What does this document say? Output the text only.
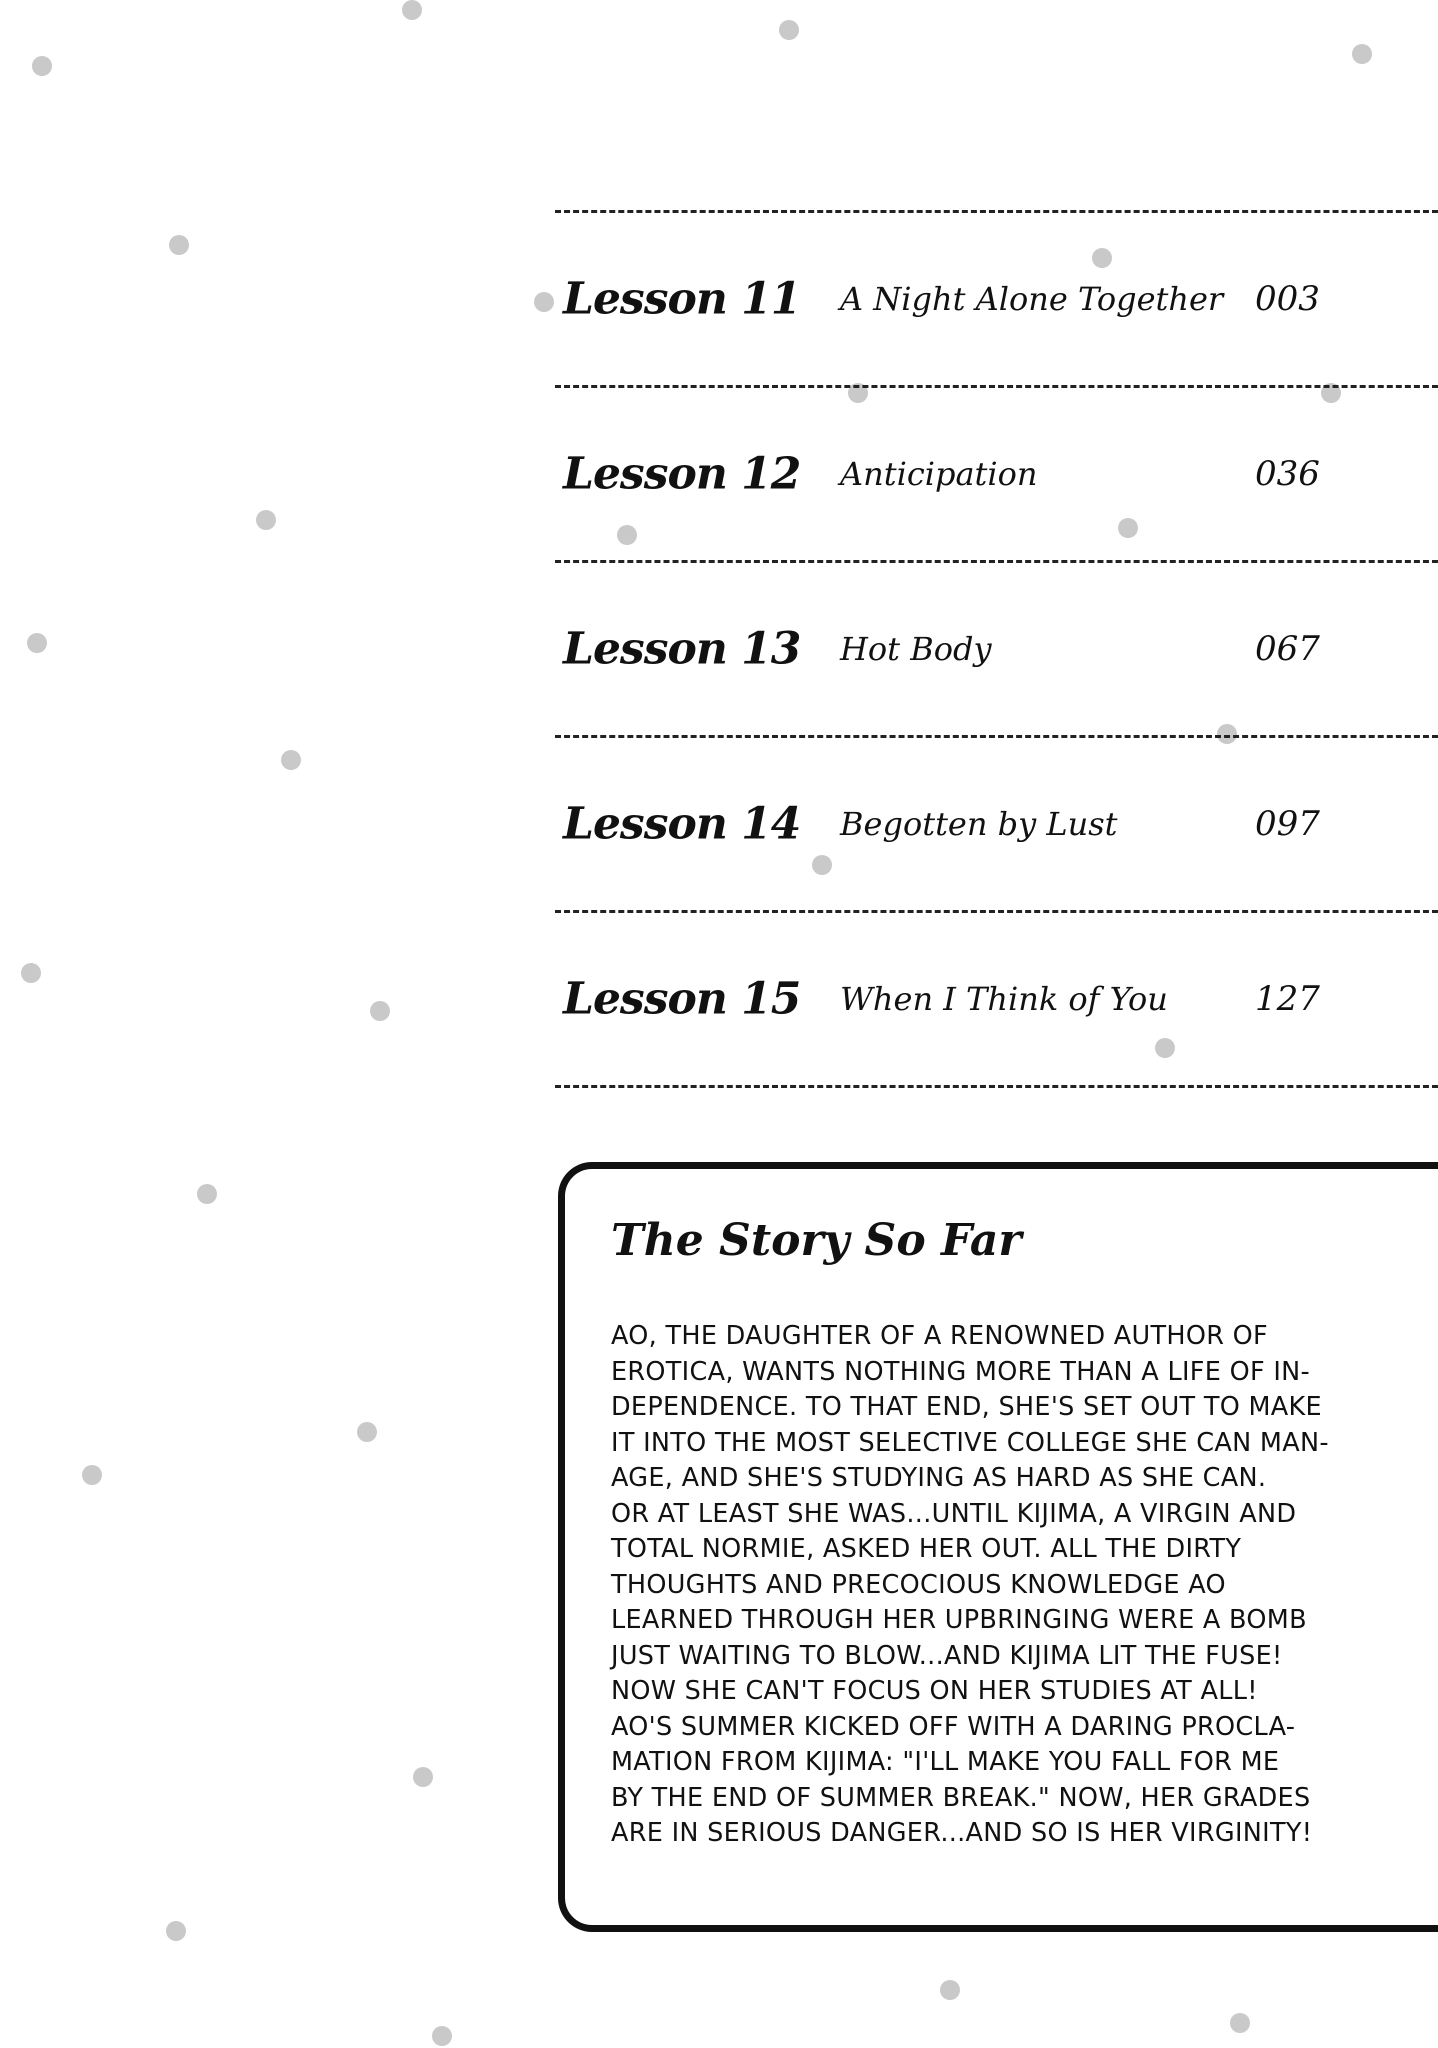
Lesson 11 A Night Alone Together 003
Lesson 12 Anticipation	036
Lesson 13 Hot Body	067
Lesson 14 Begotten by Lust	097
Lesson 15 When I Think of You	127
The Story So Far
AO, THE DAUGHTER OF A RENOWNED AUTHOR OF
EROTICA, WANTS NOTHING MORE THAN A LIFE OF IN-
DEPENDENCE. TO THAT END, SHE'S SET OUT TO MAKE
IT INTO THE MOST SELECTIVE COLLEGE SHE CAN MAN-
AGE, AND SHE'S STUDYING AS HARD AS SHE CAN.
OR AT LEAST SHE WAS...UNTIL KIJIMA, A VIRGIN AND
TOTAL NORMIE, ASKED HER OUT. ALL THE DIRTY
THOUGHTS AND PRECOCIOUS KNOWLEDGE AO
LEARNED THROUGH HER UPBRINGING WERE A BOMB
JUST WAITING TO BLOW...AND KIJIMA LIT THE FUSE!
NOW SHE CAN'T FOCUS ON HER STUDIES AT ALL!
AO'S SUMMER KICKED OFF WITH A DARING PROCLA-
MATION FROM KIJIMA: "I'LL MAKE YOU FALL FOR ME
BY THE END OF SUMMER BREAK." NOW, HER GRADES
ARE IN SERIOUS DANGER...AND SO IS HER VIRGINITY!
